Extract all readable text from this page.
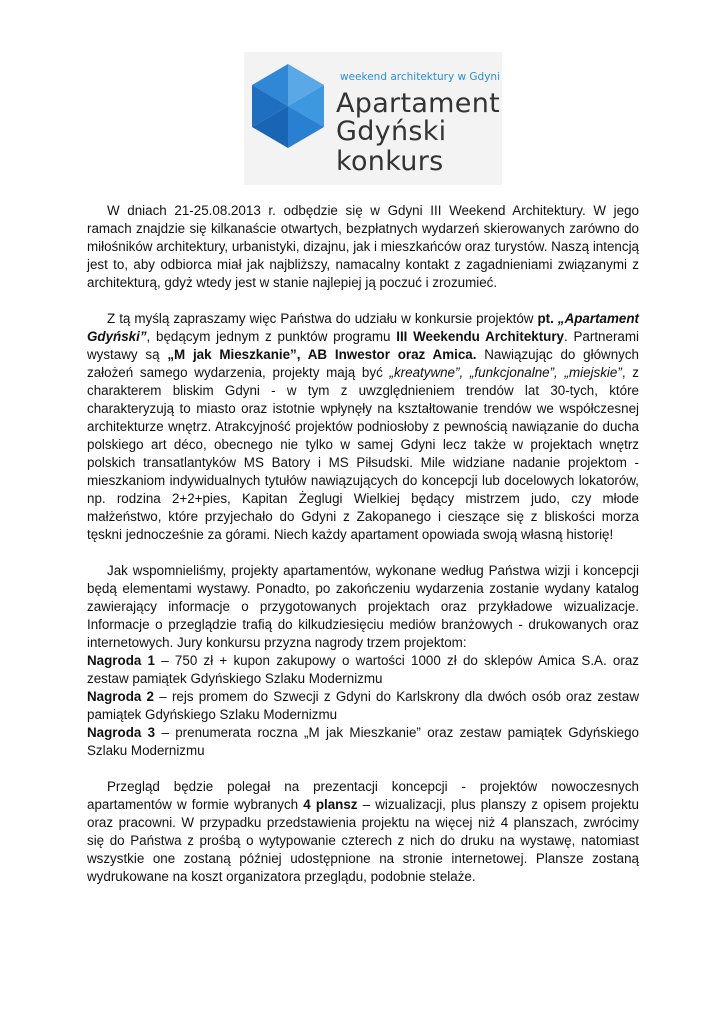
weekend architektury w Gdyni
Apartament
Gdyński
konkurs

W dniach 21-25.08.2013 r. odbędzie się w Gdyni III Weekend Architektury. W jego ramach znajdzie się kilkanaście otwartych, bezpłatnych wydarzeń skierowanych zarówno do miłośników architektury, urbanistyki, dizajnu, jak i mieszkańców oraz turystów. Naszą intencją jest to, aby odbiorca miał jak najbliższy, namacalny kontakt z zagadnieniami związanymi z architekturą, gdyż wtedy jest w stanie najlepiej ją poczuć i zrozumieć.

Z tą myślą zapraszamy więc Państwa do udziału w konkursie projektów pt. „Apartament Gdyński”, będącym jednym z punktów programu III Weekendu Architektury. Partnerami wystawy są „M jak Mieszkanie”, AB Inwestor oraz Amica. Nawiązując do głównych założeń samego wydarzenia, projekty mają być „kreatywne”, „funkcjonalne”, „miejskie”, z charakterem bliskim Gdyni - w tym z uwzględnieniem trendów lat 30-tych, które charakteryzują to miasto oraz istotnie wpłynęły na kształtowanie trendów we współczesnej architekturze wnętrz. Atrakcyjność projektów podniosłoby z pewnością nawiązanie do ducha polskiego art déco, obecnego nie tylko w samej Gdyni lecz także w projektach wnętrz polskich transatlantyków MS Batory i MS Piłsudski. Mile widziane nadanie projektom - mieszkaniom indywidualnych tytułów nawiązujących do koncepcji lub docelowych lokatorów, np. rodzina 2+2+pies, Kapitan Żeglugi Wielkiej będący mistrzem judo, czy młode małżeństwo, które przyjechało do Gdyni z Zakopanego i cieszące się z bliskości morza tęskni jednocześnie za górami. Niech każdy apartament opowiada swoją własną historię!

Jak wspomnieliśmy, projekty apartamentów, wykonane według Państwa wizji i koncepcji będą elementami wystawy. Ponadto, po zakończeniu wydarzenia zostanie wydany katalog zawierający informacje o przygotowanych projektach oraz przykładowe wizualizacje. Informacje o przeglądzie trafią do kilkudziesięciu mediów branżowych - drukowanych oraz internetowych. Jury konkursu przyzna nagrody trzem projektom:

Nagroda 1 – 750 zł + kupon zakupowy o wartości 1000 zł do sklepów Amica S.A. oraz zestaw pamiątek Gdyńskiego Szlaku Modernizmu

Nagroda 2 – rejs promem do Szwecji z Gdyni do Karlskrony dla dwóch osób oraz zestaw pamiątek Gdyńskiego Szlaku Modernizmu

Nagroda 3 – prenumerata roczna „M jak Mieszkanie” oraz zestaw pamiątek Gdyńskiego Szlaku Modernizmu

Przegląd będzie polegał na prezentacji koncepcji - projektów nowoczesnych apartamentów w formie wybranych 4 plansz – wizualizacji, plus planszy z opisem projektu oraz pracowni. W przypadku przedstawienia projektu na więcej niż 4 planszach, zwrócimy się do Państwa z prośbą o wytypowanie czterech z nich do druku na wystawę, natomiast wszystkie one zostaną później udostępnione na stronie internetowej. Plansze zostaną wydrukowane na koszt organizatora przeglądu, podobnie stelaże.
